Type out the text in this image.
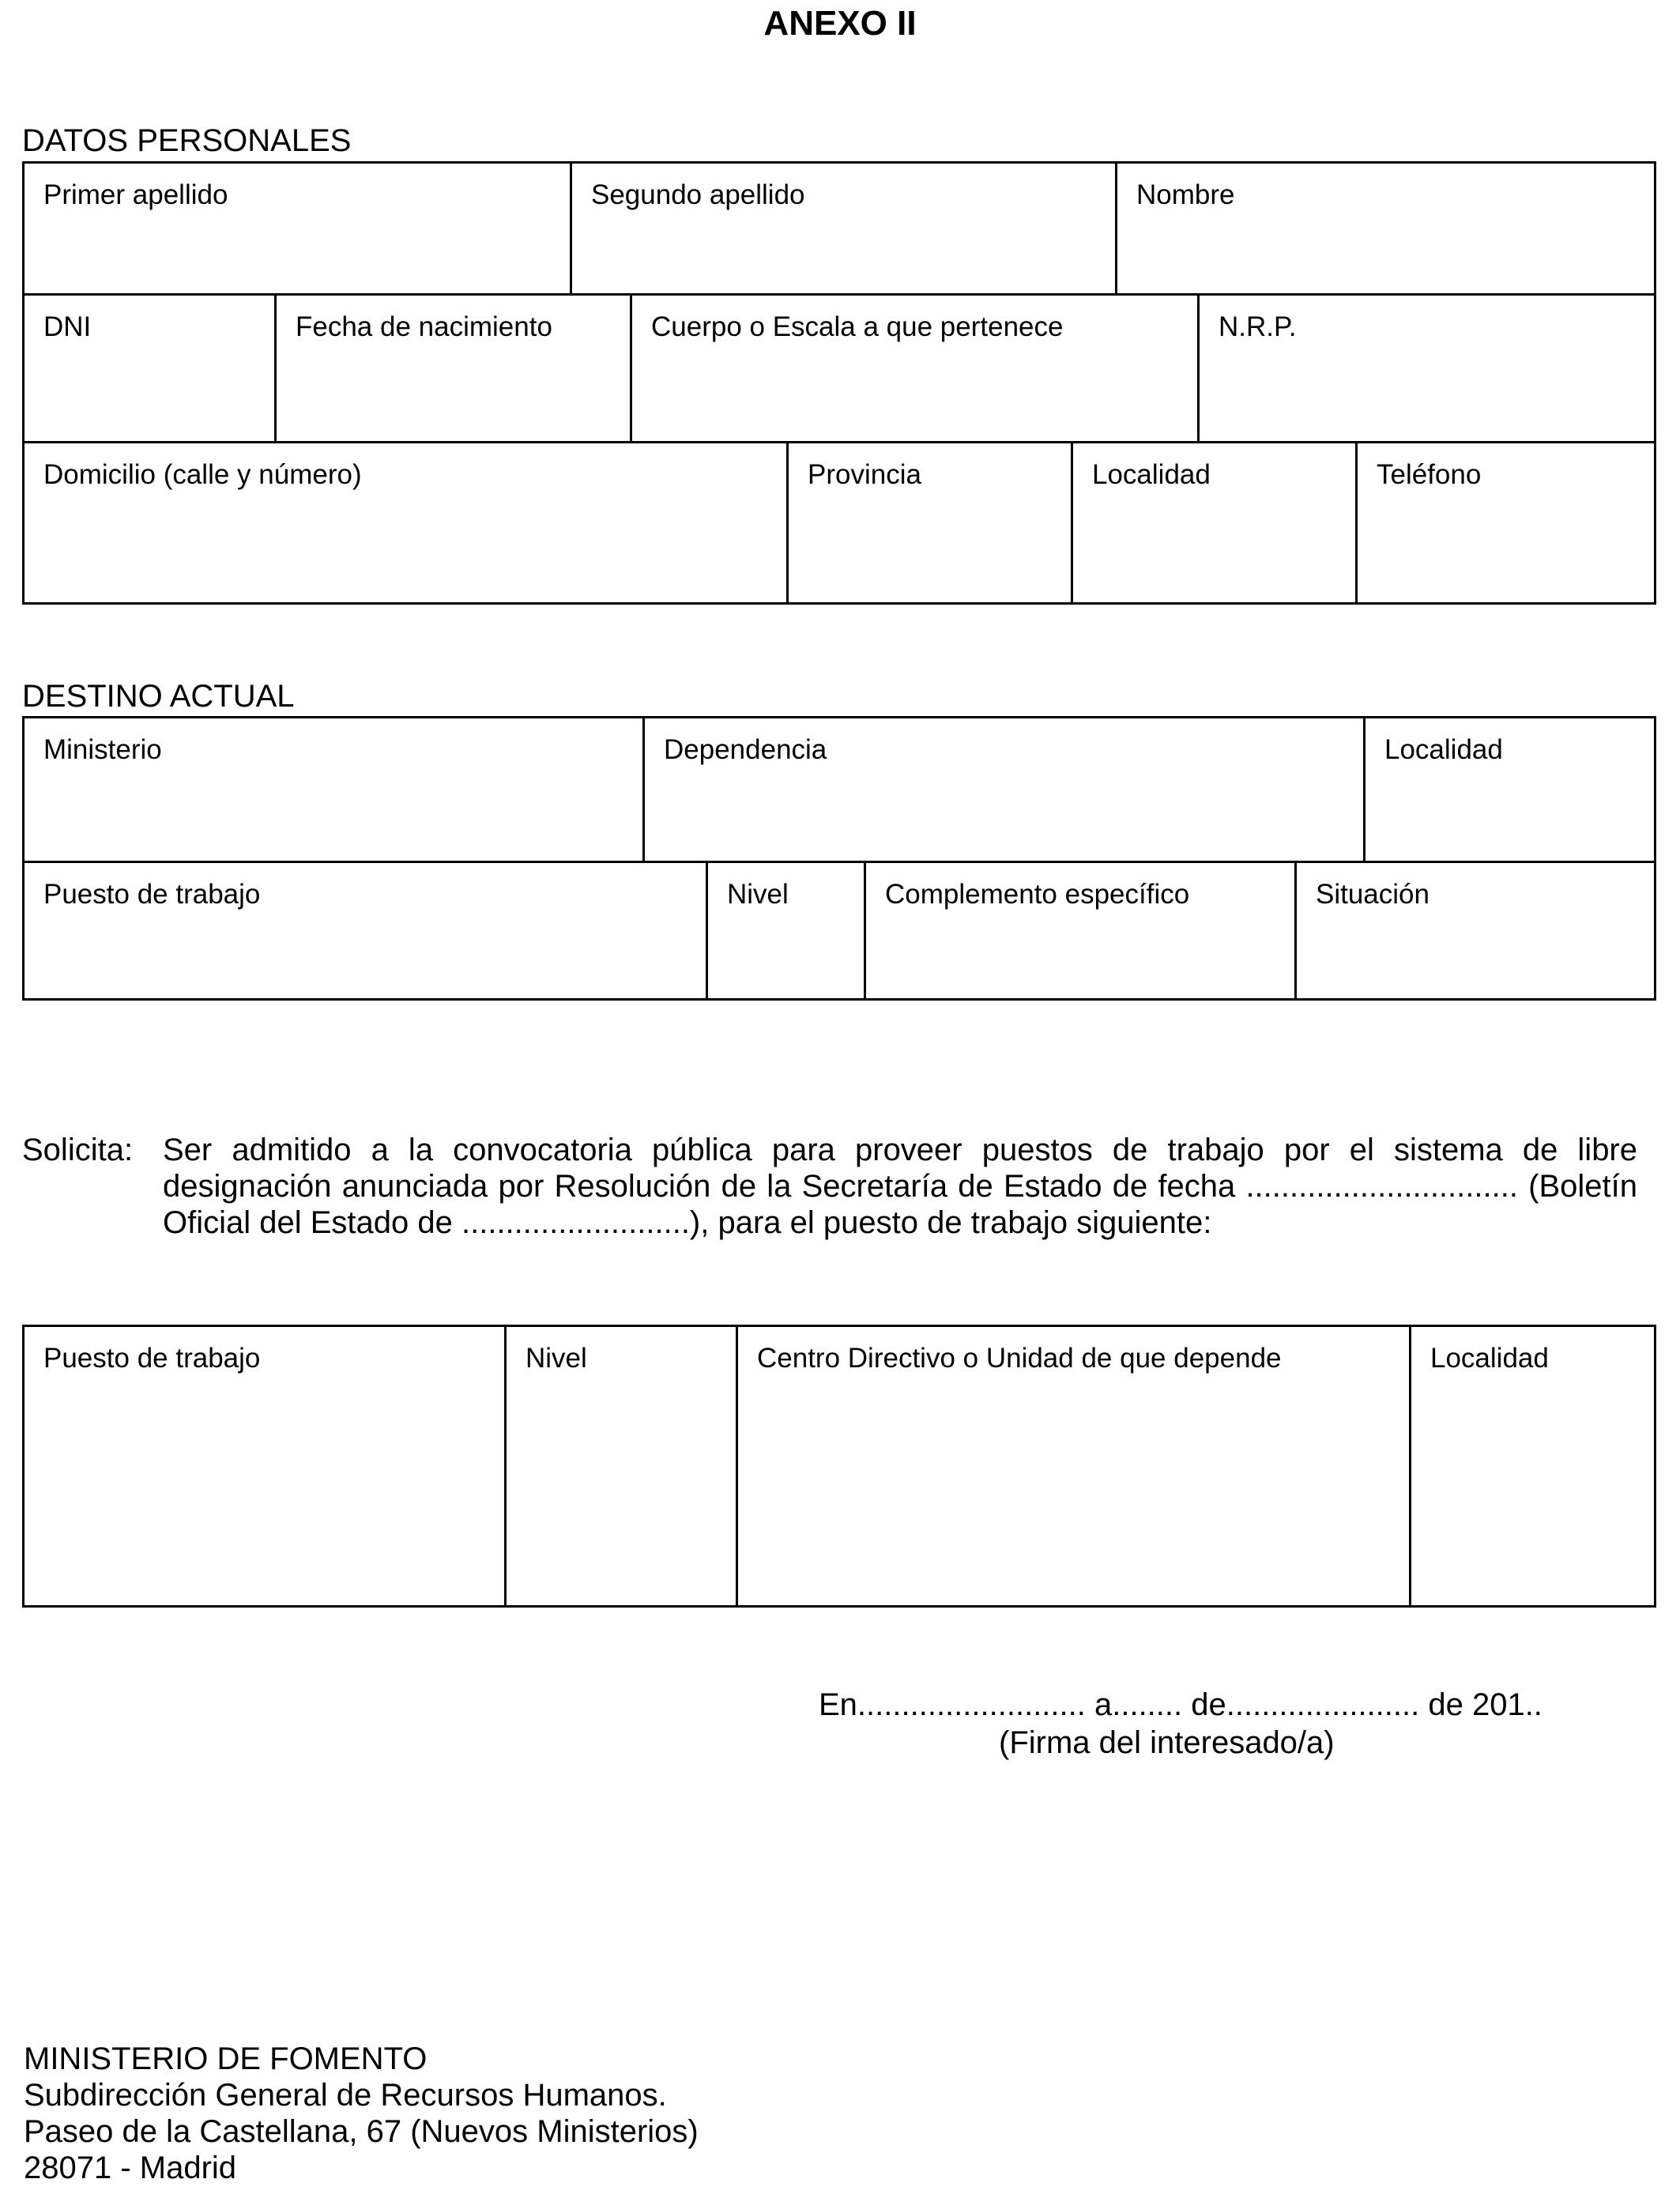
ANEXO II
DATOS PERSONALES
Primer apellido	Segundo apellido	Nombre
DNI	Fecha de nacimiento	Cuerpo o Escala a que pertenece	N.R.P.
Domicilio (calle y número)	Provincia	Localidad	Teléfono
DESTINO ACTUAL
Ministerio	Dependencia	Localidad
Puesto de trabajo	Nivel	Complemento específico	Situación
Solicita: Ser admitido a la convocatoria pública para proveer puestos de trabajo por el sistema de libre designación anunciada por Resolución de la Secretaría de Estado de fecha ............................... (Boletín Oficial del Estado de ..........................), para el puesto de trabajo siguiente:
Puesto de trabajo	Nivel	Centro Directivo o Unidad de que depende	Localidad
En.......................... a........ de...................... de 201..
(Firma del interesado/a)
MINISTERIO DE FOMENTO
Subdirección General de Recursos Humanos.
Paseo de la Castellana, 67 (Nuevos Ministerios)
28071 - Madrid
